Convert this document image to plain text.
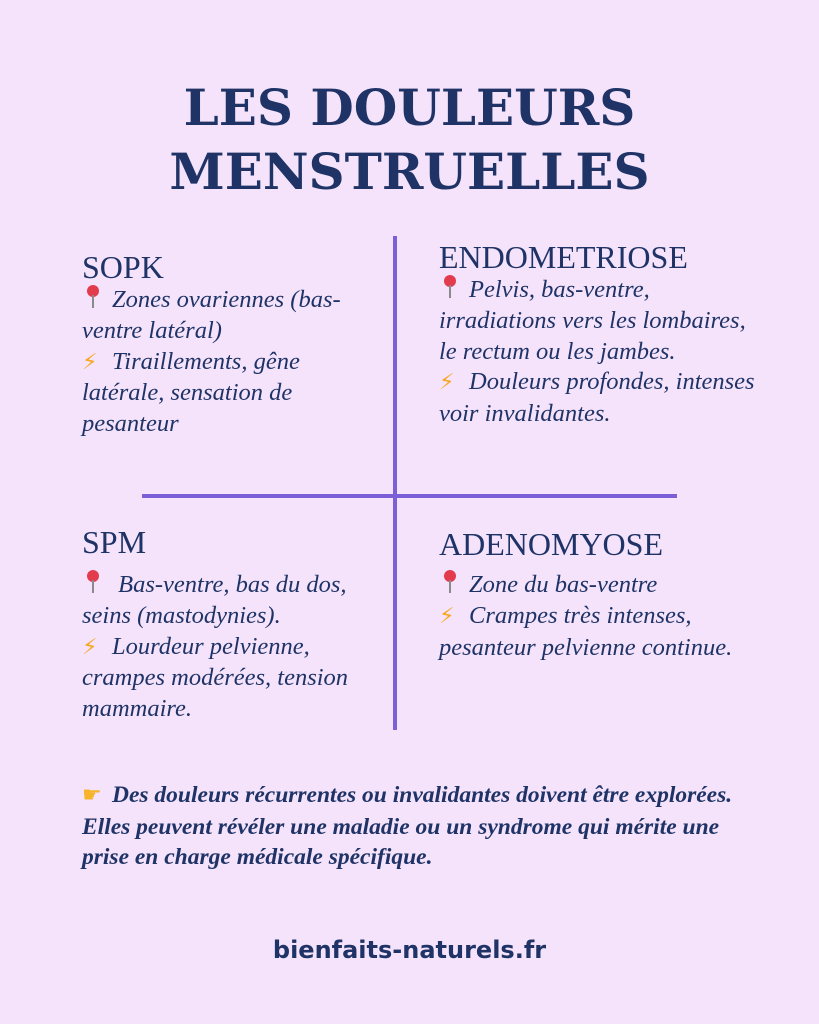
LES DOULEURS
MENSTRUELLES
SOPK

Zones ovariennes (bas-ventre latéral)

⚡ Tiraillements, gêne latérale, sensation de pesanteur

ENDOMETRIOSE

Pelvis, bas-ventre, irradiations vers les lombaires, le rectum ou les jambes.

⚡ Douleurs profondes, intenses voir invalidantes.

SPM

Bas-ventre, bas du dos, seins (mastodynies).

⚡ Lourdeur pelvienne, crampes modérées, tension mammaire.

ADENOMYOSE

Zone du bas-ventre

⚡ Crampes très intenses, pesanteur pelvienne continue.

☛ Des douleurs récurrentes ou invalidantes doivent être explorées. Elles peuvent révéler une maladie ou un syndrome qui mérite une prise en charge médicale spécifique.
bienfaits-naturels.fr
